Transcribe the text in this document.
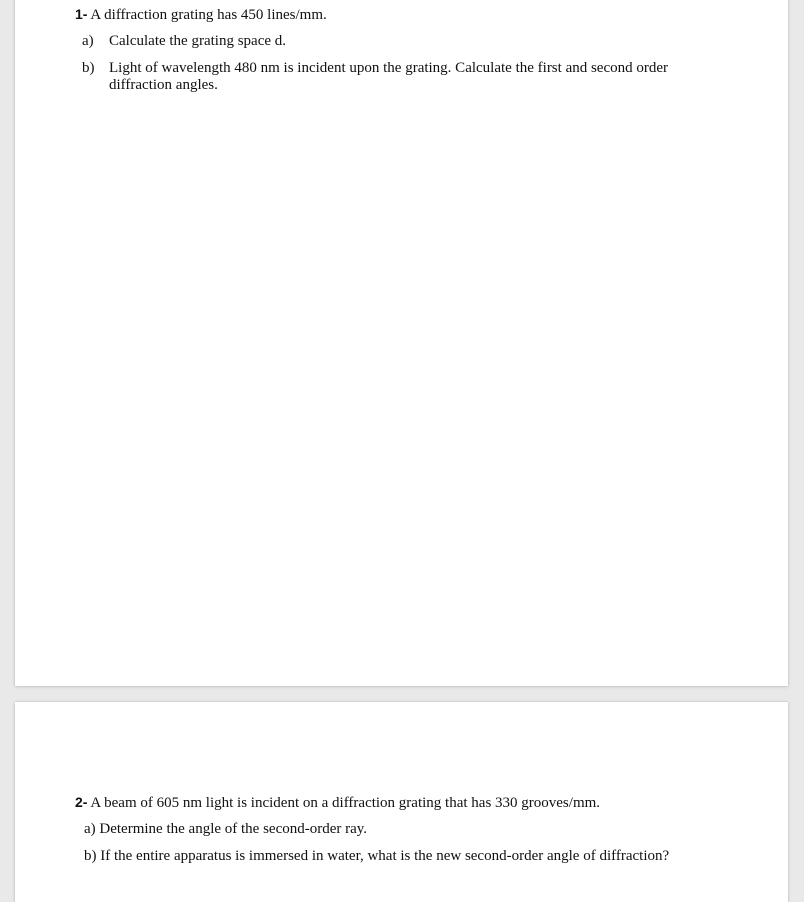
1- A diffraction grating has 450 lines/mm.
a) Calculate the grating space d.
b) Light of wavelength 480 nm is incident upon the grating. Calculate the first and second order
diffraction angles.
2- A beam of 605 nm light is incident on a diffraction grating that has 330 grooves/mm.
a) Determine the angle of the second-order ray.
b) If the entire apparatus is immersed in water, what is the new second-order angle of diffraction?
